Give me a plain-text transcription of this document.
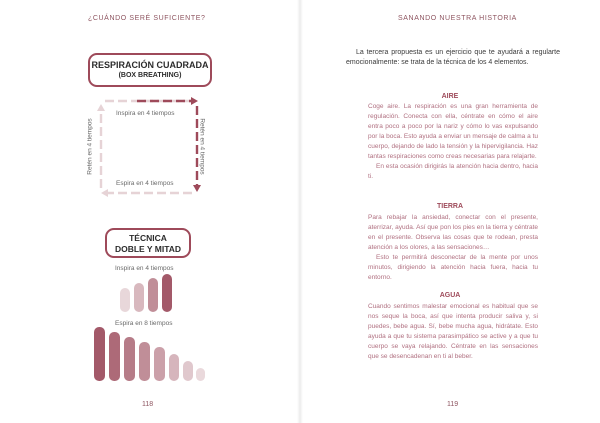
¿CUÁNDO SERÉ SUFICIENTE?
RESPIRACIÓN CUADRADA
(BOX BREATHING)
Inspira en 4 tiempos
Espira en 4 tiempos
Retén en 4 tiempos
Retén en 4 tiempos
TÉCNICA
DOBLE Y MITAD
Inspira en 4 tiempos
Espira en 8 tiempos
118
SANANDO NUESTRA HISTORIA
La tercera propuesta es un ejercicio que te ayudará a regularte emocionalmente: se trata de la técnica de los 4 elementos.
AIRE

Coge aire. La respiración es una gran herramienta de regulación. Conecta con ella, céntrate en cómo el aire entra poco a poco por la nariz y cómo lo vas expulsando por la boca. Esto ayuda a enviar un mensaje de calma a tu cuerpo, dejando de lado la tensión y la hipervigilancia. Haz tantas respiraciones como creas necesarias para relajarte.

En esta ocasión dirigirás la atención hacia dentro, hacia ti.

TIERRA

Para rebajar la ansiedad, conectar con el presente, aterrizar, ayuda. Así que pon los pies en la tierra y céntrate en el presente. Observa las cosas que te rodean, presta atención a los olores, a las sensaciones…

Esto te permitirá desconectar de la mente por unos minutos, dirigiendo la atención hacia fuera, hacia tu entorno.

AGUA

Cuando sentimos malestar emocional es habitual que se nos seque la boca, así que intenta producir saliva y, si puedes, bebe agua. Sí, bebe mucha agua, hidrátate. Esto ayuda a que tu sistema parasimpático se active y a que tu cuerpo se vaya relajando. Céntrate en las sensaciones que se desencadenan en ti al beber.

119
